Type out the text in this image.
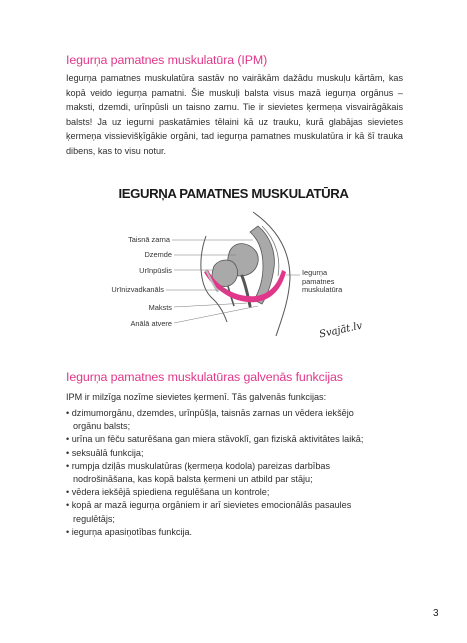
Iegurņa pamatnes muskulatūra (IPM)

Iegurņa pamatnes muskulatūra sastāv no vairākām dažādu muskuļu kārtām, kas kopā veido iegurņa pamatni. Šie muskuļi balsta visus mazā iegurņa orgānus – maksti, dzemdi, urīnpūsli un taisno zarnu. Tie ir sievietes ķermeņa visvairāgākais balsts! Ja uz iegurni paskatāmies tēlaini kā uz trauku, kurā glabājas sievietes ķermeņa vissievišķīgākie orgāni, tad iegurņa pamatnes muskulatūra ir kā šī trauka dibens, kas to visu notur.

IEGURŅA PAMATNES MUSKULATŪRA
Taisnā zarna
Dzemde
Urīnpūslis
Urīnizvadkanāls
Maksts
Anālā atvere
Iegurņa pamatnes muskulatūra
Svajāt.lv
Iegurņa pamatnes muskulatūras galvenās funkcijas
IPM ir milzīga nozīme sievietes ķermenī. Tās galvenās funkcijas:
• dzimumorgānu, dzemdes, urīnpūšļa, taisnās zarnas un vēdera iekšējo orgānu balsts;
• urīna un fēču saturēšana gan miera stāvoklī, gan fiziskā aktivitātes laikā;
• seksuālā funkcija;
• rumpja dziļās muskulatūras (ķermeņa kodola) pareizas darbības nodrošināšana, kas kopā balsta ķermeni un atbild par stāju;
• vēdera iekšējā spiediena regulēšana un kontrole;
• kopā ar mazā iegurņa orgāniem ir arī sievietes emocionālās pasaules regulētājs;
• iegurņa apasiņotības funkcija.
3
